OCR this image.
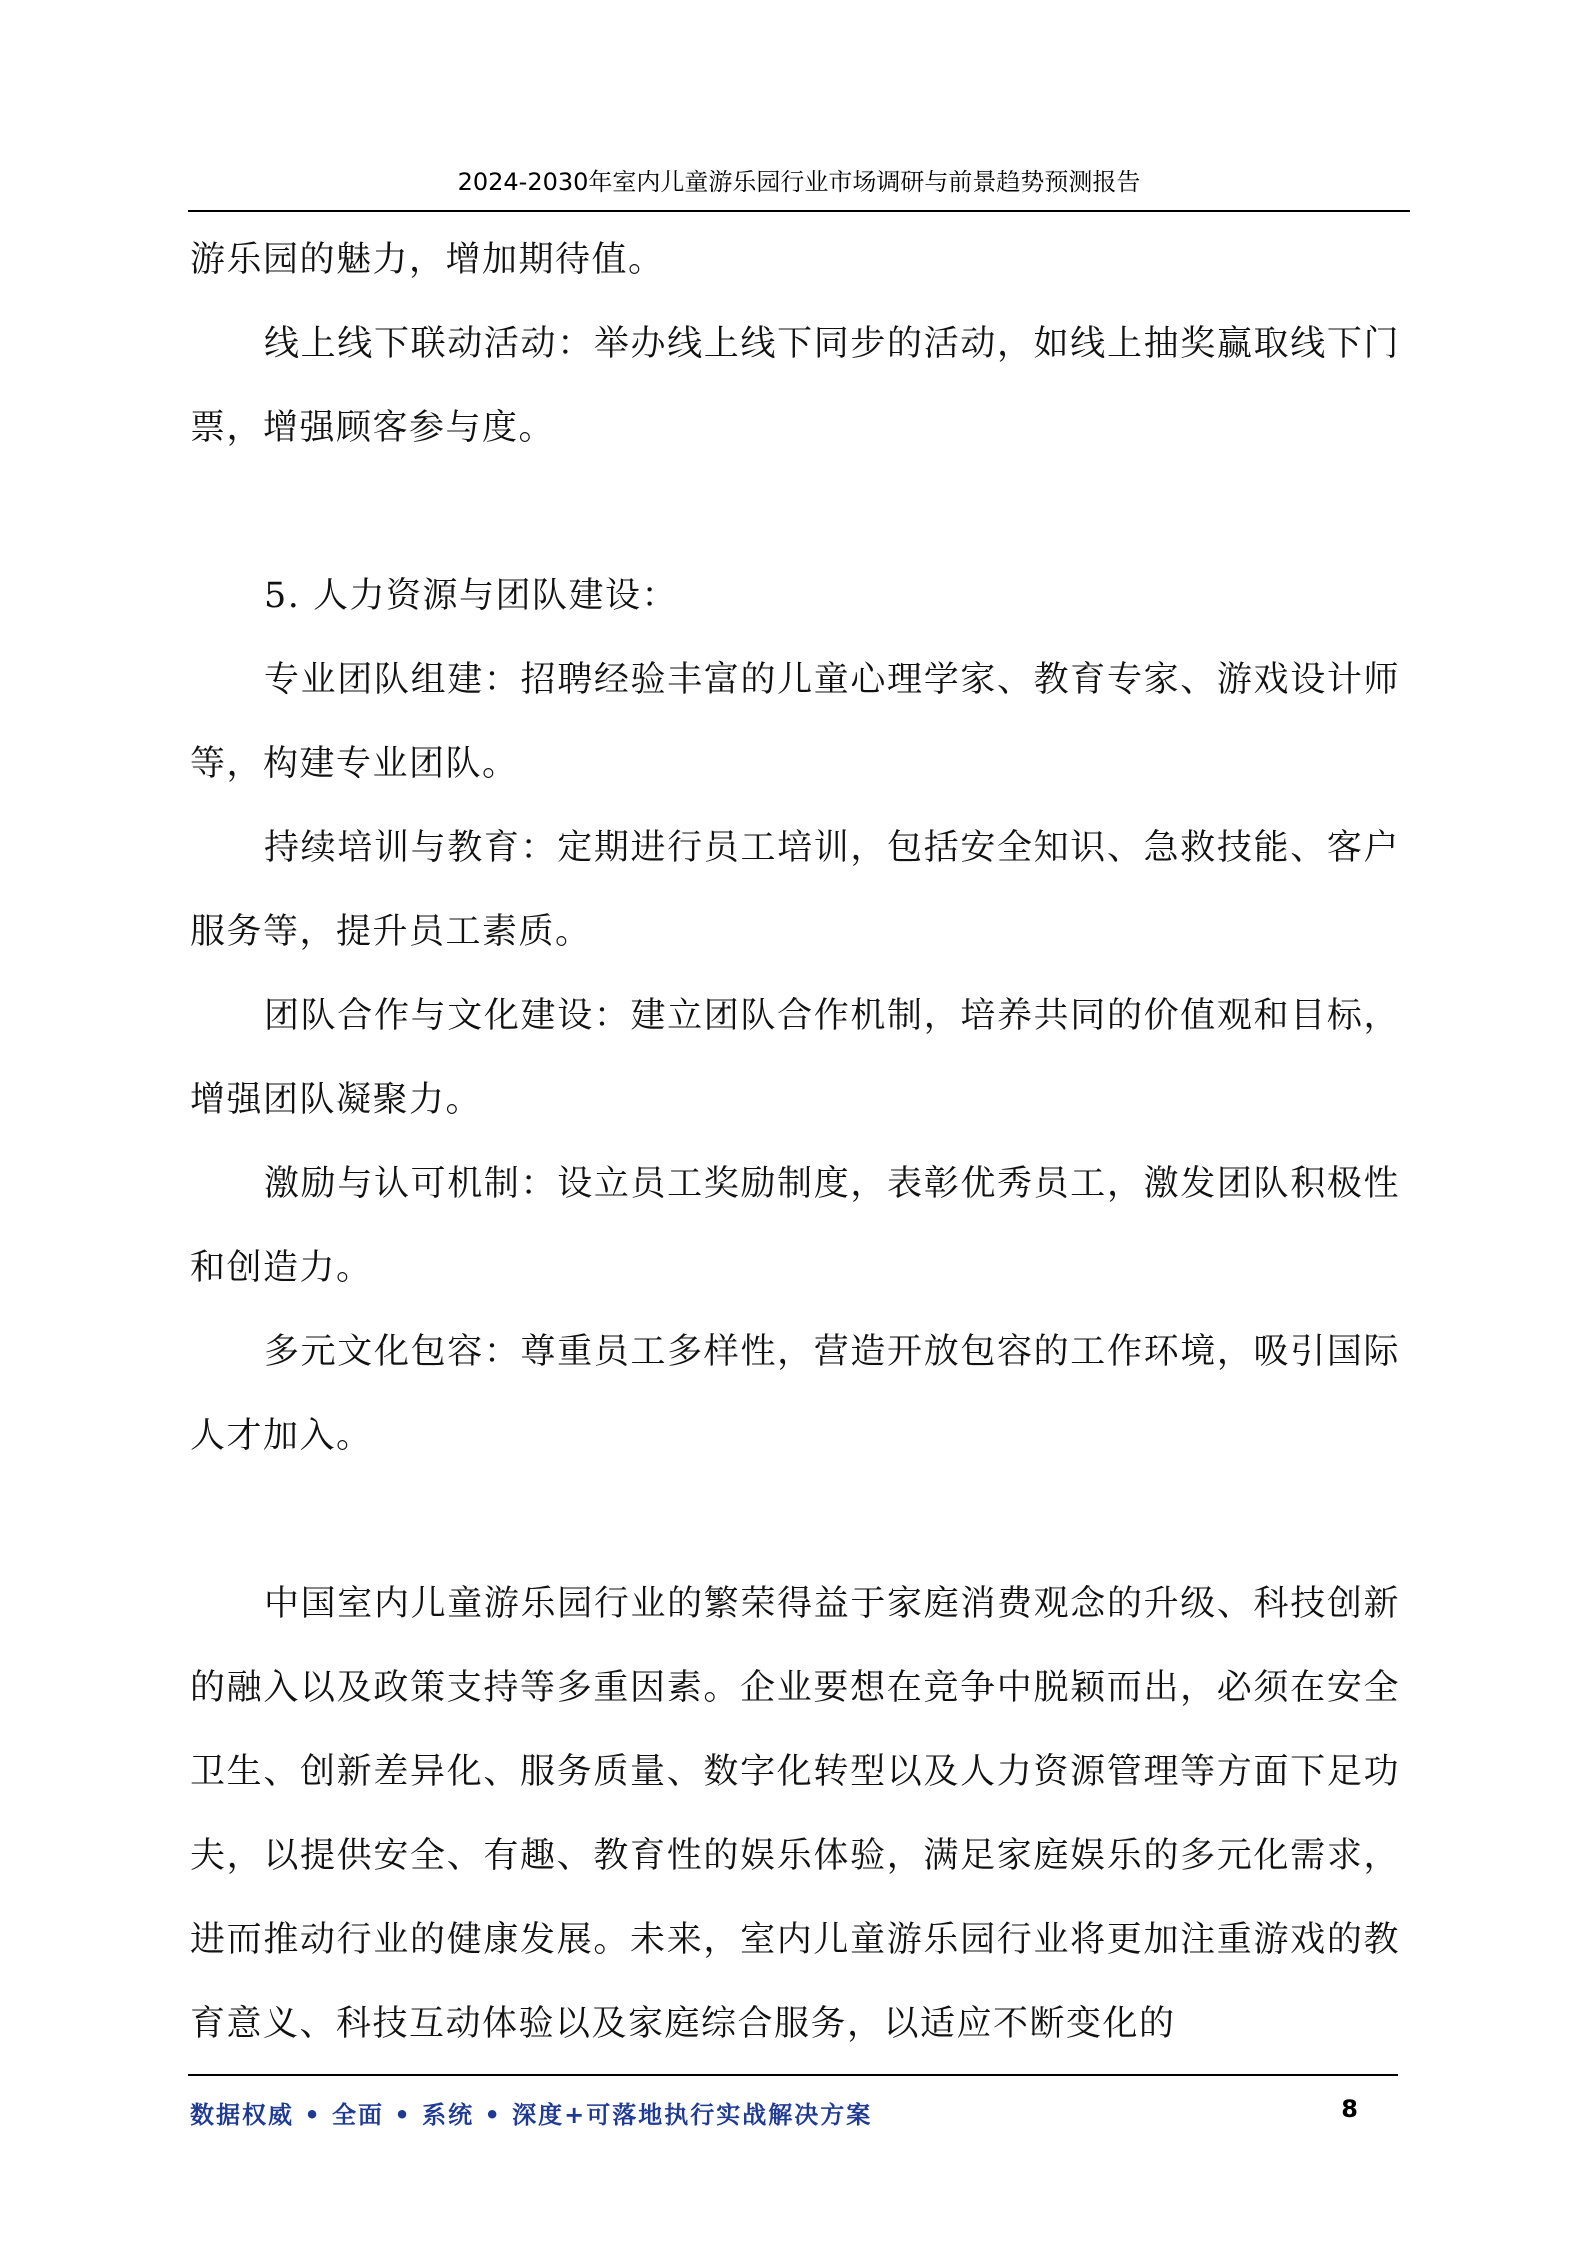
2024-2030年室内儿童游乐园行业市场调研与前景趋势预测报告

游乐园的魅力，增加期待值。

线上线下联动活动：举办线上线下同步的活动，如线上抽奖赢取线下门票，增强顾客参与度。

5. 人力资源与团队建设：

专业团队组建：招聘经验丰富的儿童心理学家、教育专家、游戏设计师等，构建专业团队。

持续培训与教育：定期进行员工培训，包括安全知识、急救技能、客户服务等，提升员工素质。

团队合作与文化建设：建立团队合作机制，培养共同的价值观和目标，增强团队凝聚力。

激励与认可机制：设立员工奖励制度，表彰优秀员工，激发团队积极性和创造力。

多元文化包容：尊重员工多样性，营造开放包容的工作环境，吸引国际人才加入。

中国室内儿童游乐园行业的繁荣得益于家庭消费观念的升级、科技创新的融入以及政策支持等多重因素。企业要想在竞争中脱颖而出，必须在安全卫生、创新差异化、服务质量、数字化转型以及人力资源管理等方面下足功夫，以提供安全、有趣、教育性的娱乐体验，满足家庭娱乐的多元化需求，进而推动行业的健康发展。未来，室内儿童游乐园行业将更加注重游戏的教育意义、科技互动体验以及家庭综合服务，以适应不断变化的

数据权威 • 全面 • 系统 • 深度+可落地执行实战解决方案	8
